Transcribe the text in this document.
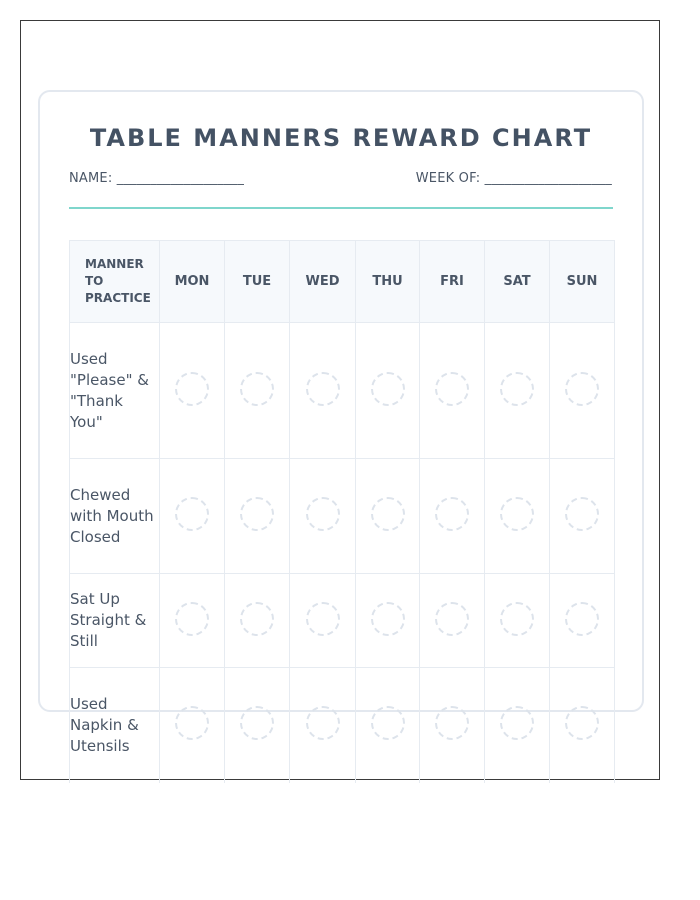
TABLE MANNERS REWARD CHART
NAME: ___________________	WEEK OF: ___________________
MANNER TO PRACTICE	MON	TUE	WED	THU	FRI	SAT	SUN
Used "Please" & "Thank You"							
Chewed with Mouth Closed							
Sat Up Straight & Still							
Used Napkin & Utensils							
